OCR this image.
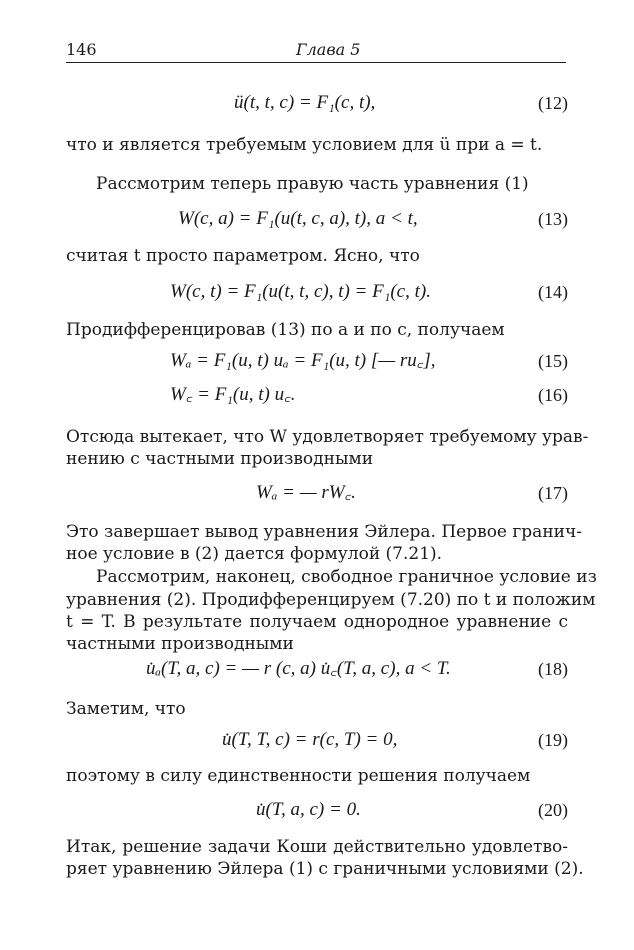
146	Глава 5
ü(t, t, c) = F₁(c, t),	(12)
что и является требуемым условием для ü при a = t.
Рассмотрим теперь правую часть уравнения (1)
W(c, a) = F₁(u(t, c, a), t), a < t,	(13)
считая t просто параметром. Ясно, что
W(c, t) = F₁(u(t, t, c), t) = F₁(c, t).	(14)
Продифференцировав (13) по a и по c, получаем
Wₐ = F₁(u, t) uₐ = F₁(u, t) [— ru꜀],	(15)
W꜀ = F₁(u, t) u꜀.	(16)
Отсюда вытекает, что W удовлетворяет требуемому урав-
нению с частными производными
Wₐ = — rW꜀.	(17)
Это завершает вывод уравнения Эйлера. Первое гранич-
ное условие в (2) дается формулой (7.21).
Рассмотрим, наконец, свободное граничное условие из
уравнения (2). Продифференцируем (7.20) по t и положим
t = T. В результате получаем однородное уравнение с
частными производными
u̇ₐ(T, a, c) = — r (c, a) u̇꜀(T, a, c), a < T.	(18)
Заметим, что
u̇(T, T, c) = r(c, T) = 0,	(19)
поэтому в силу единственности решения получаем
u̇(T, a, c) = 0.	(20)
Итак, решение задачи Коши действительно удовлетво-
ряет уравнению Эйлера (1) с граничными условиями (2).
